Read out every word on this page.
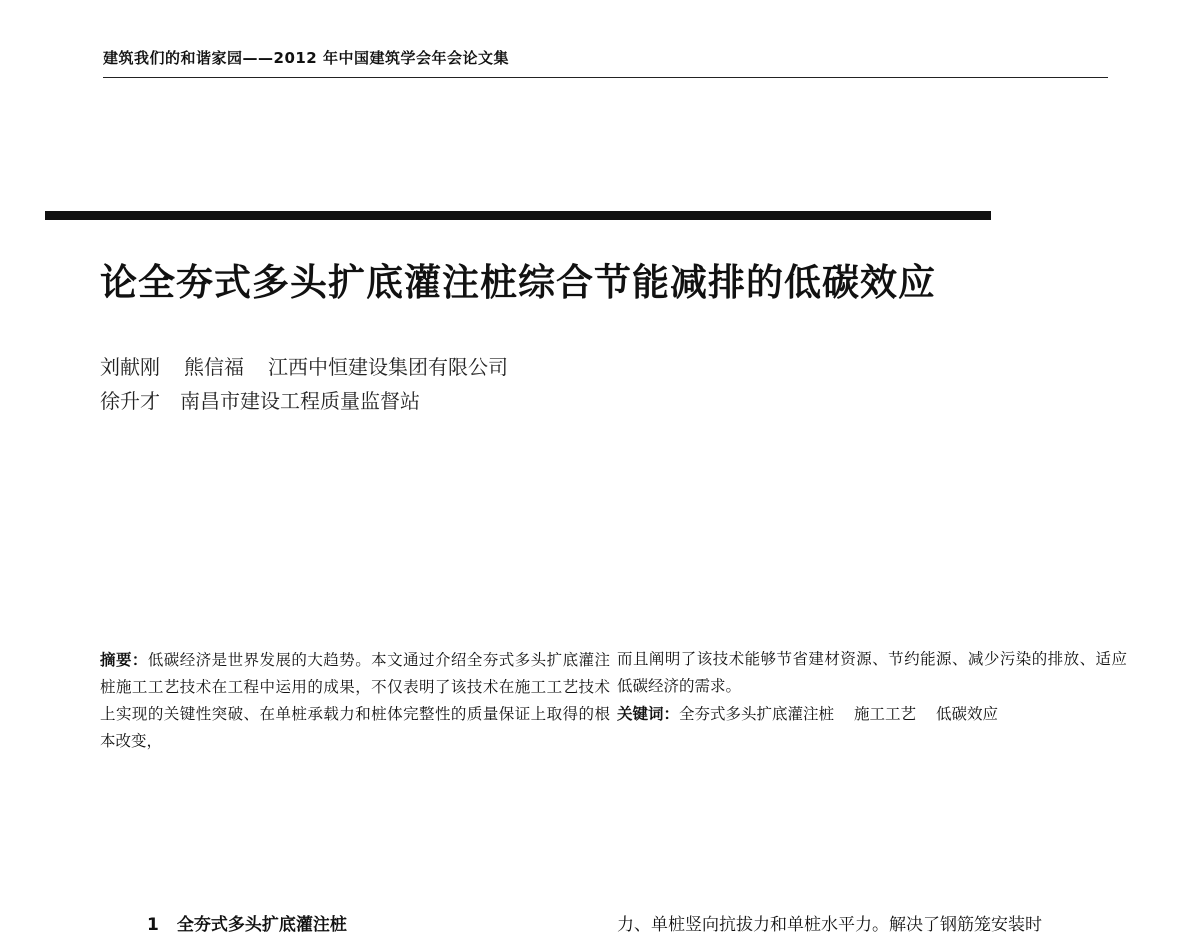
建筑我们的和谐家园——2012 年中国建筑学会年会论文集
论全夯式多头扩底灌注桩综合节能减排的低碳效应
刘献刚 熊信福 江西中恒建设集团有限公司
徐升才 南昌市建设工程质量监督站
摘要：低碳经济是世界发展的大趋势。本文通过介绍全夯式多头扩底灌注桩施工工艺技术在工程中运用的成果，不仅表明了该技术在施工工艺技术上实现的关键性突破、在单桩承载力和桩体完整性的质量保证上取得的根本改变，
而且阐明了该技术能够节省建材资源、节约能源、减少污染的排放、适应低碳经济的需求。
关键词：全夯式多头扩底灌注桩 施工工艺 低碳效应
1 全夯式多头扩底灌注桩	力、单桩竖向抗拔力和单桩水平力。解决了钢筋笼安装时
